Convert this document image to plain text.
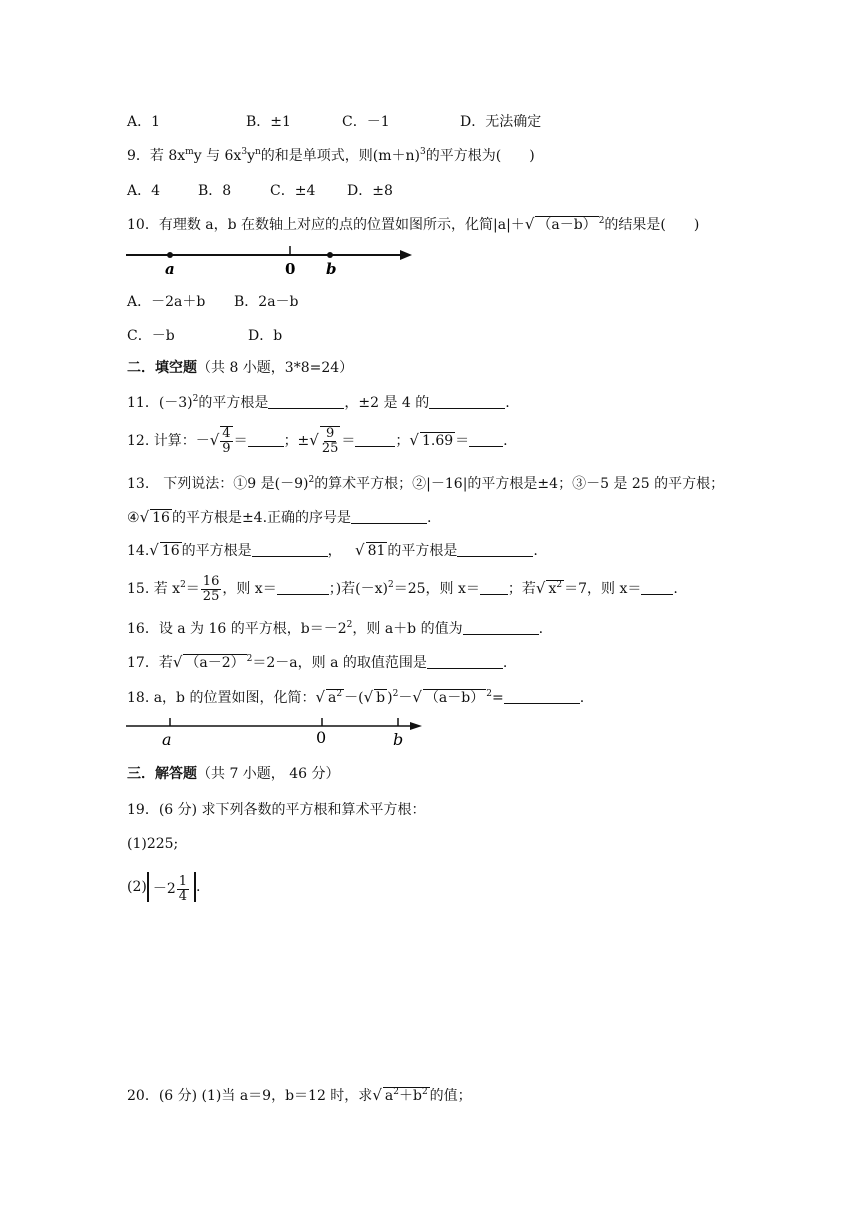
A．1	B．±1	C．－1	D．无法确定
9．若 $8x^my$ 与 $6x^3y^n$的和是单项式，则$(m+n)^3$的平方根为(　　)
A．4	B．8	C．±4 D．±8
10．有理数 a，b 在数轴上对应的点的位置如图所示，化简|a|＋√ （a－b） $^2$的结果是(　　)
a	0 b
A．－2a＋b B．2a－b
C．－b	D．b
二．填空题（共 8 小题，3*8=24）
11．$(-3)^2$的平方根是	，±2 是 4 的	.
12. 计算：－√ $\frac{4}{9}$ ＝	；±√ $\frac{9}{25}$ ＝	；√ 1.69 ＝ .
13.　下列说法：①9 是$(-9)^2$的算术平方根；②|－16|的平方根是±4；③－5 是 25 的平方根；
④√ 16 的平方根是±4.正确的序号是	.
14.√ 16 的平方根是	， √ 81 的平方根是	.
15. 若 $x^2= \frac{16}{25}$ ，则 x＝	；)若$(-x)^2=25$，则 x＝ ；若√ $x^2 =7$，则 x＝ .
16．设 a 为 16 的平方根，$b=-2^2$，则 a＋b 的值为	.
17．若√ （a－2） $^2$＝2－a，则 a 的取值范围是	.
18. a，b 的位置如图，化简：√ $a^2$ －(√ b )$^2$－√ （a－b） $^2$=	.
a	0	b
三．解答题（共 7 小题， 46 分）
19．(6 分) 求下列各数的平方根和算术平方根：
(1)225;
$(2) -2 \frac{1}{4}$ .
20．(6 分) (1)当 a＝9，b＝12 时，求√ $a^2+b^2$ 的值；
